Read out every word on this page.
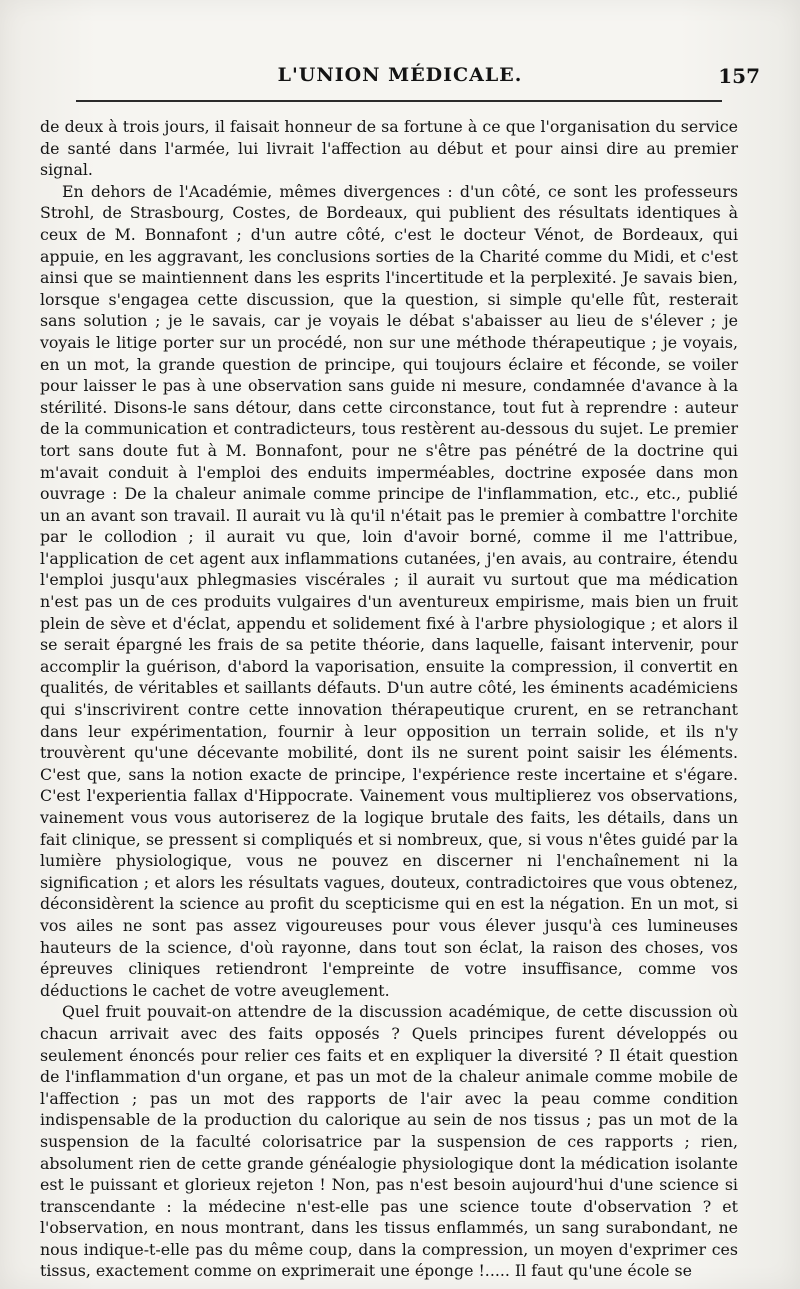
L'UNION MÉDICALE.	157

de deux à trois jours, il faisait honneur de sa fortune à ce que l'organisation du service de santé dans l'armée, lui livrait l'affection au début et pour ainsi dire au premier signal.

En dehors de l'Académie, mêmes divergences : d'un côté, ce sont les professeurs Strohl, de Strasbourg, Costes, de Bordeaux, qui publient des résultats identiques à ceux de M. Bonnafont ; d'un autre côté, c'est le docteur Vénot, de Bordeaux, qui appuie, en les aggravant, les conclusions sorties de la Charité comme du Midi, et c'est ainsi que se maintiennent dans les esprits l'incertitude et la perplexité. Je savais bien, lorsque s'engagea cette discussion, que la question, si simple qu'elle fût, resterait sans solution ; je le savais, car je voyais le débat s'abaisser au lieu de s'élever ; je voyais le litige porter sur un procédé, non sur une méthode thérapeutique ; je voyais, en un mot, la grande question de principe, qui toujours éclaire et féconde, se voiler pour laisser le pas à une observation sans guide ni mesure, condamnée d'avance à la stérilité. Disons-le sans détour, dans cette circonstance, tout fut à reprendre : auteur de la communication et contradicteurs, tous restèrent au-dessous du sujet. Le premier tort sans doute fut à M. Bonnafont, pour ne s'être pas pénétré de la doctrine qui m'avait conduit à l'emploi des enduits imperméables, doctrine exposée dans mon ouvrage : De la chaleur animale comme principe de l'inflammation, etc., etc., publié un an avant son travail. Il aurait vu là qu'il n'était pas le premier à combattre l'orchite par le collodion ; il aurait vu que, loin d'avoir borné, comme il me l'attribue, l'application de cet agent aux inflammations cutanées, j'en avais, au contraire, étendu l'emploi jusqu'aux phlegmasies viscérales ; il aurait vu surtout que ma médication n'est pas un de ces produits vulgaires d'un aventureux empirisme, mais bien un fruit plein de sève et d'éclat, appendu et solidement fixé à l'arbre physiologique ; et alors il se serait épargné les frais de sa petite théorie, dans laquelle, faisant intervenir, pour accomplir la guérison, d'abord la vaporisation, ensuite la compression, il convertit en qualités, de véritables et saillants défauts. D'un autre côté, les éminents académiciens qui s'inscrivirent contre cette innovation thérapeutique crurent, en se retranchant dans leur expérimentation, fournir à leur opposition un terrain solide, et ils n'y trouvèrent qu'une décevante mobilité, dont ils ne surent point saisir les éléments. C'est que, sans la notion exacte de principe, l'expérience reste incertaine et s'égare. C'est l'experientia fallax d'Hippocrate. Vainement vous multiplierez vos observations, vainement vous vous autoriserez de la logique brutale des faits, les détails, dans un fait clinique, se pressent si compliqués et si nombreux, que, si vous n'êtes guidé par la lumière physiologique, vous ne pouvez en discerner ni l'enchaînement ni la signification ; et alors les résultats vagues, douteux, contradictoires que vous obtenez, déconsidèrent la science au profit du scepticisme qui en est la négation. En un mot, si vos ailes ne sont pas assez vigoureuses pour vous élever jusqu'à ces lumineuses hauteurs de la science, d'où rayonne, dans tout son éclat, la raison des choses, vos épreuves cliniques retiendront l'empreinte de votre insuffisance, comme vos déductions le cachet de votre aveuglement.

Quel fruit pouvait-on attendre de la discussion académique, de cette discussion où chacun arrivait avec des faits opposés ? Quels principes furent développés ou seulement énoncés pour relier ces faits et en expliquer la diversité ? Il était question de l'inflammation d'un organe, et pas un mot de la chaleur animale comme mobile de l'affection ; pas un mot des rapports de l'air avec la peau comme condition indispensable de la production du calorique au sein de nos tissus ; pas un mot de la suspension de la faculté colorisatrice par la suspension de ces rapports ; rien, absolument rien de cette grande généalogie physiologique dont la médication isolante est le puissant et glorieux rejeton ! Non, pas n'est besoin aujourd'hui d'une science si transcendante : la médecine n'est-elle pas une science toute d'observation ? et l'observation, en nous montrant, dans les tissus enflammés, un sang surabondant, ne nous indique-t-elle pas du même coup, dans la compression, un moyen d'exprimer ces tissus, exactement comme on exprimerait une éponge !..... Il faut qu'une école se
